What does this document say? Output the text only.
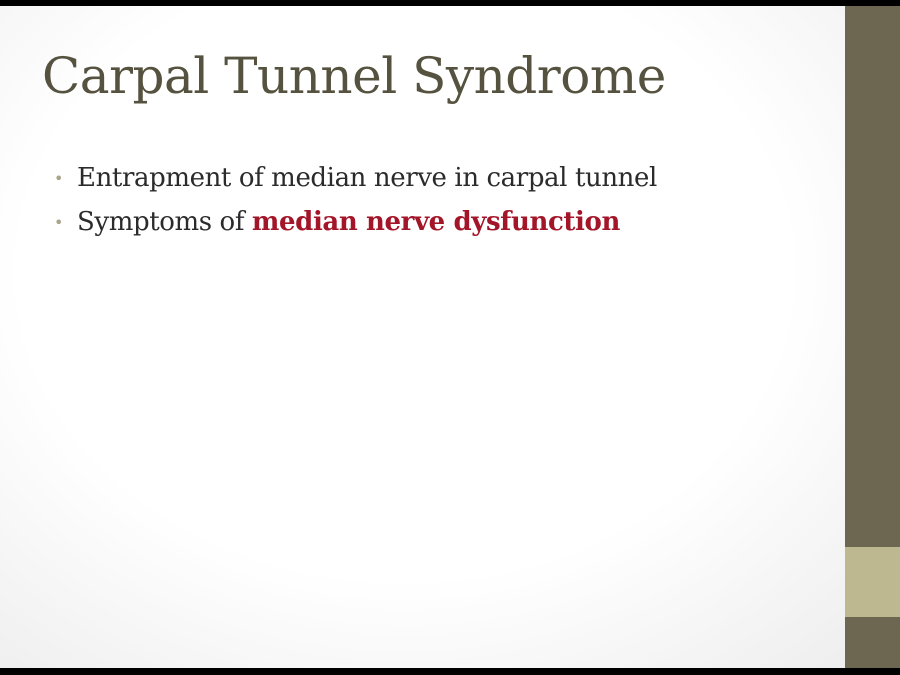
Carpal Tunnel Syndrome
• Entrapment of median nerve in carpal tunnel
• Symptoms of median nerve dysfunction
